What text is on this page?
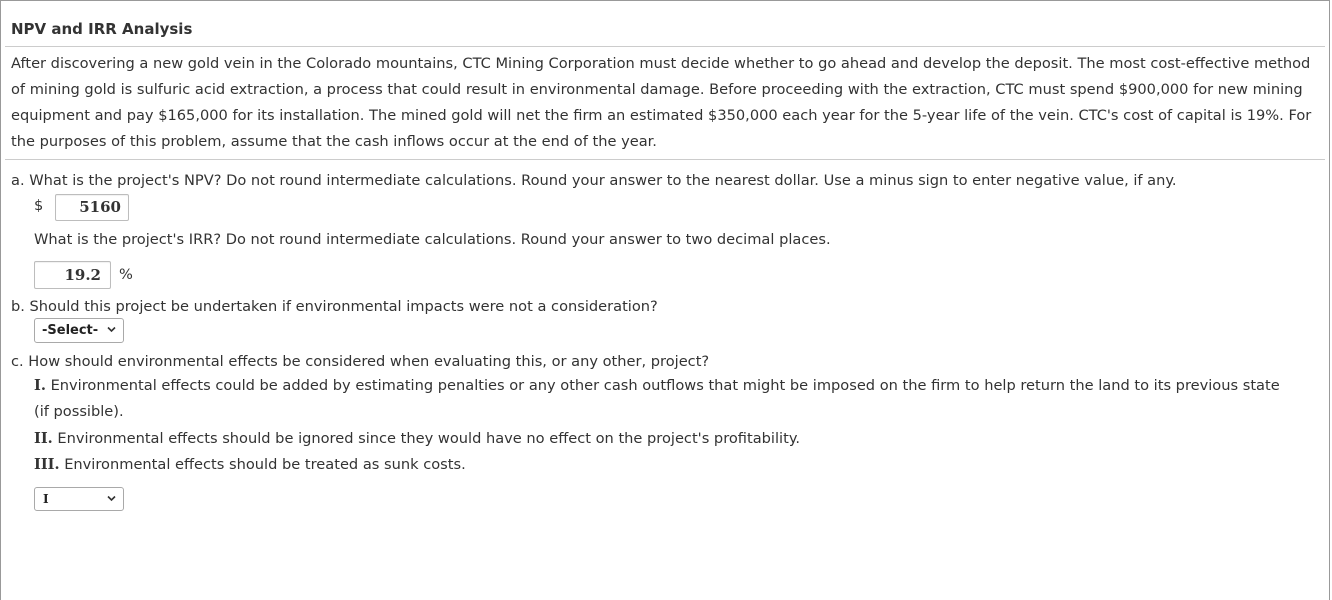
NPV and IRR Analysis
After discovering a new gold vein in the Colorado mountains, CTC Mining Corporation must decide whether to go ahead and develop the deposit. The most cost-effective method of mining gold is sulfuric acid extraction, a process that could result in environmental damage. Before proceeding with the extraction, CTC must spend $900,000 for new mining equipment and pay $165,000 for its installation. The mined gold will net the firm an estimated $350,000 each year for the 5-year life of the vein. CTC's cost of capital is 19%. For the purposes of this problem, assume that the cash inflows occur at the end of the year.
a. What is the project's NPV? Do not round intermediate calculations. Round your answer to the nearest dollar. Use a minus sign to enter negative value, if any.
$	5160
What is the project's IRR? Do not round intermediate calculations. Round your answer to two decimal places.
19.2	%
b. Should this project be undertaken if environmental impacts were not a consideration?
-Select-
c. How should environmental effects be considered when evaluating this, or any other, project?
I. Environmental effects could be added by estimating penalties or any other cash outflows that might be imposed on the firm to help return the land to its previous state
(if possible).
II. Environmental effects should be ignored since they would have no effect on the project's profitability.
III. Environmental effects should be treated as sunk costs.
I
